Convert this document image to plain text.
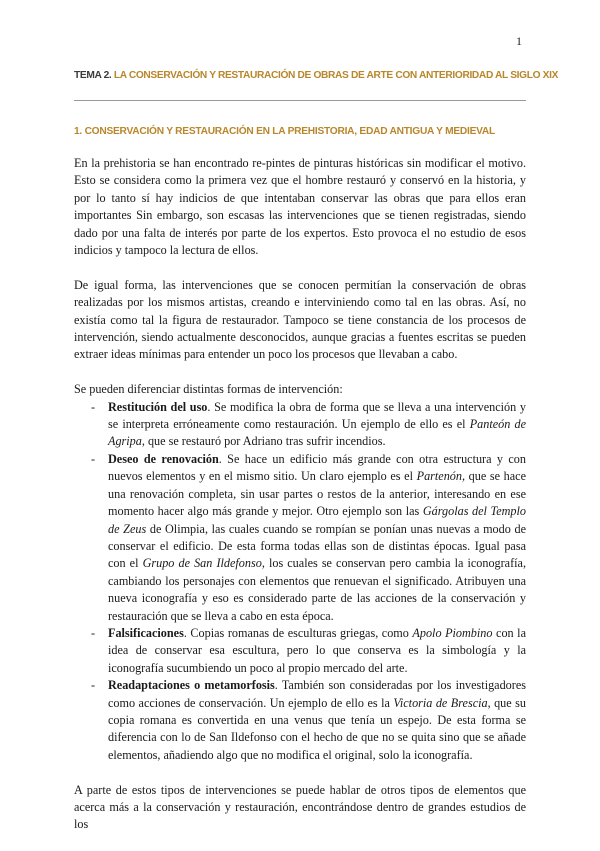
1
TEMA 2. LA CONSERVACIÓN Y RESTAURACIÓN DE OBRAS DE ARTE CON ANTERIORIDAD AL SIGLO XIX
1. CONSERVACIÓN Y RESTAURACIÓN EN LA PREHISTORIA, EDAD ANTIGUA Y MEDIEVAL

En la prehistoria se han encontrado re-pintes de pinturas históricas sin modificar el motivo. Esto se considera como la primera vez que el hombre restauró y conservó en la historia, y por lo tanto sí hay indicios de que intentaban conservar las obras que para ellos eran importantes Sin embargo, son escasas las intervenciones que se tienen registradas, siendo dado por una falta de interés por parte de los expertos. Esto provoca el no estudio de esos indicios y tampoco la lectura de ellos.

De igual forma, las intervenciones que se conocen permitían la conservación de obras realizadas por los mismos artistas, creando e interviniendo como tal en las obras. Así, no existía como tal la figura de restaurador. Tampoco se tiene constancia de los procesos de intervención, siendo actualmente desconocidos, aunque gracias a fuentes escritas se pueden extraer ideas mínimas para entender un poco los procesos que llevaban a cabo.

Se pueden diferenciar distintas formas de intervención:

- Restitución del uso. Se modifica la obra de forma que se lleva a una intervención y se interpreta erróneamente como restauración. Un ejemplo de ello es el Panteón de Agripa, que se restauró por Adriano tras sufrir incendios.
- Deseo de renovación. Se hace un edificio más grande con otra estructura y con nuevos elementos y en el mismo sitio. Un claro ejemplo es el Partenón, que se hace una renovación completa, sin usar partes o restos de la anterior, interesando en ese momento hacer algo más grande y mejor. Otro ejemplo son las Gárgolas del Templo de Zeus de Olimpia, las cuales cuando se rompían se ponían unas nuevas a modo de conservar el edificio. De esta forma todas ellas son de distintas épocas. Igual pasa con el Grupo de San Ildefonso, los cuales se conservan pero cambia la iconografía, cambiando los personajes con elementos que renuevan el significado. Atribuyen una nueva iconografía y eso es considerado parte de las acciones de la conservación y restauración que se lleva a cabo en esta época.
- Falsificaciones. Copias romanas de esculturas griegas, como Apolo Piombino con la idea de conservar esa escultura, pero lo que conserva es la simbología y la iconografía sucumbiendo un poco al propio mercado del arte.
- Readaptaciones o metamorfosis. También son consideradas por los investigadores como acciones de conservación. Un ejemplo de ello es la Victoria de Brescia, que su copia romana es convertida en una venus que tenía un espejo. De esta forma se diferencia con lo de San Ildefonso con el hecho de que no se quita sino que se añade elementos, añadiendo algo que no modifica el original, solo la iconografía.

A parte de estos tipos de intervenciones se puede hablar de otros tipos de elementos que acerca más a la conservación y restauración, encontrándose dentro de grandes estudios de los
